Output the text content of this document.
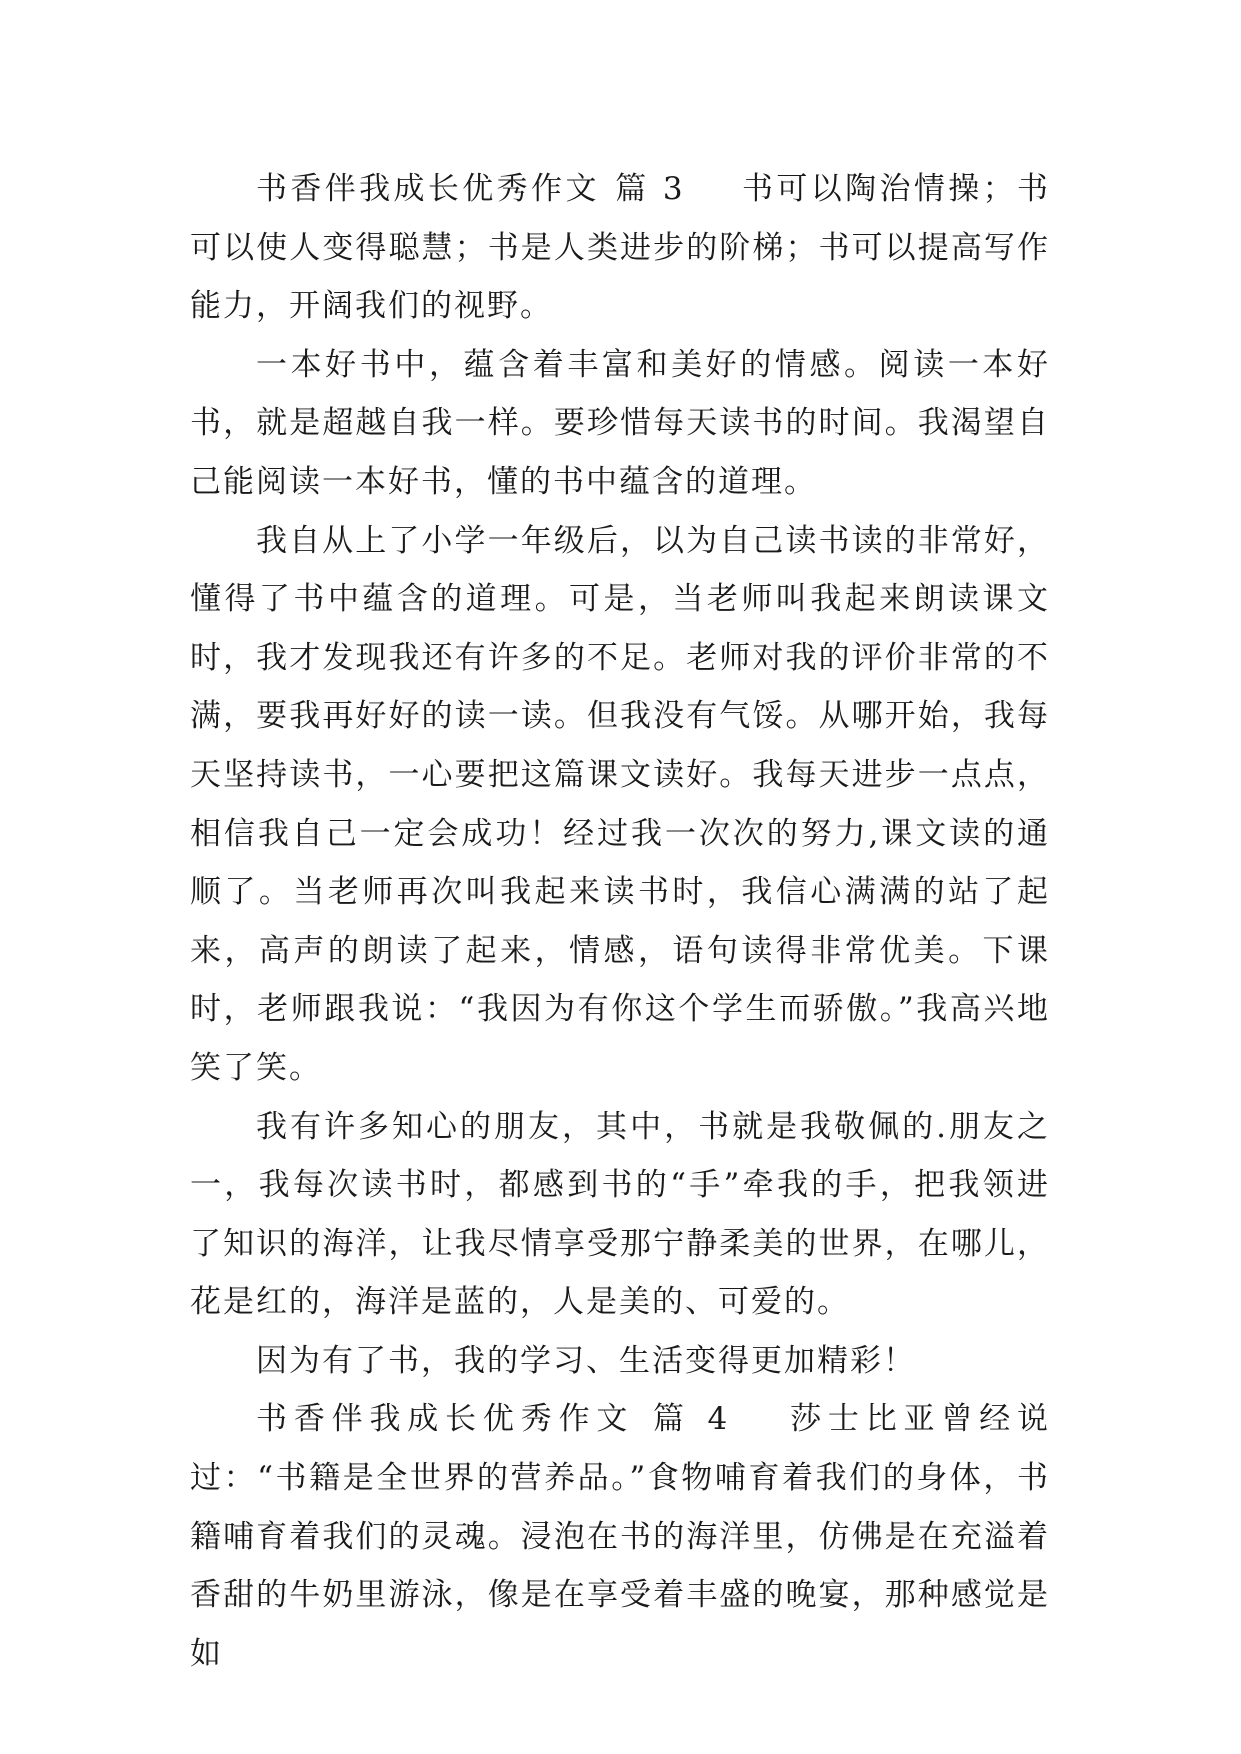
书香伴我成长优秀作文 篇 3 书可以陶治情操；书可以使人变得聪慧；书是人类进步的阶梯；书可以提高写作能力，开阔我们的视野。

一本好书中，蕴含着丰富和美好的情感。阅读一本好书，就是超越自我一样。要珍惜每天读书的时间。我渴望自己能阅读一本好书，懂的书中蕴含的道理。

我自从上了小学一年级后，以为自己读书读的非常好，懂得了书中蕴含的道理。可是，当老师叫我起来朗读课文时，我才发现我还有许多的不足。老师对我的评价非常的不满，要我再好好的读一读。但我没有气馁。从哪开始，我每天坚持读书，一心要把这篇课文读好。我每天进步一点点，相信我自己一定会成功！经过我一次次的努力,课文读的通顺了。当老师再次叫我起来读书时，我信心满满的站了起来，高声的朗读了起来，情感，语句读得非常优美。下课时，老师跟我说：“我因为有你这个学生而骄傲。”我高兴地笑了笑。

我有许多知心的朋友，其中，书就是我敬佩的.朋友之一，我每次读书时，都感到书的“手”牵我的手，把我领进了知识的海洋，让我尽情享受那宁静柔美的世界，在哪儿，花是红的，海洋是蓝的，人是美的、可爱的。

因为有了书，我的学习、生活变得更加精彩！

书香伴我成长优秀作文 篇 4 莎士比亚曾经说过：“书籍是全世界的营养品。”食物哺育着我们的身体，书籍哺育着我们的灵魂。浸泡在书的海洋里，仿佛是在充溢着香甜的牛奶里游泳，像是在享受着丰盛的晚宴，那种感觉是如
